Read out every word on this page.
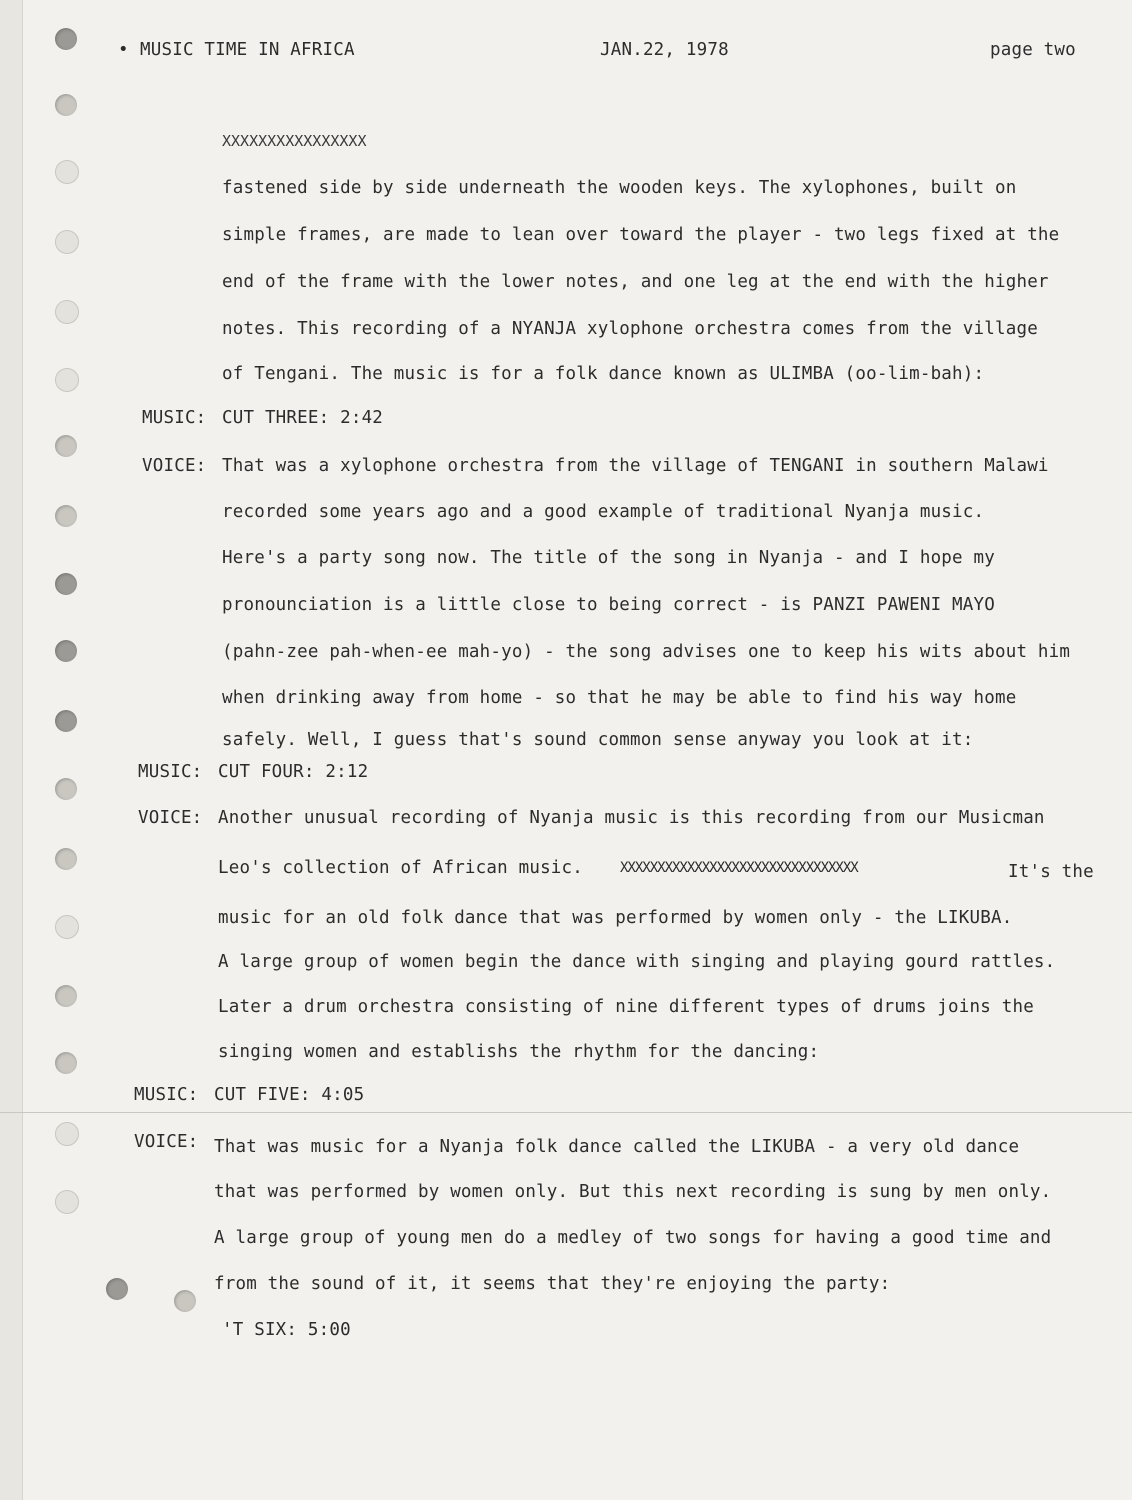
• MUSIC TIME IN AFRICA	JAN.22, 1978	page two
XXXXXXXXXXXXXXXX
fastened side by side underneath the wooden keys. The xylophones, built on
simple frames, are made to lean over toward the player - two legs fixed at the
end of the frame with the lower notes, and one leg at the end with the higher
notes. This recording of a NYANJA xylophone orchestra comes from the village
of Tengani. The music is for a folk dance known as ULIMBA (oo-lim-bah):
MUSIC: CUT THREE: 2:42
VOICE: That was a xylophone orchestra from the village of TENGANI in southern Malawi
recorded some years ago and a good example of traditional Nyanja music.
Here's a party song now. The title of the song in Nyanja - and I hope my
pronounciation is a little close to being correct - is PANZI PAWENI MAYO
(pahn-zee pah-when-ee mah-yo) - the song advises one to keep his wits about him
when drinking away from home - so that he may be able to find his way home
safely. Well, I guess that's sound common sense anyway you look at it:
MUSIC: CUT FOUR: 2:12
VOICE: Another unusual recording of Nyanja music is this recording from our Musicman
Leo's collection of African music.	XXXXXXXXXXXXXXXXXXXXXXXXXXXXXXXX	It's the
music for an old folk dance that was performed by women only - the LIKUBA.
A large group of women begin the dance with singing and playing gourd rattles.
Later a drum orchestra consisting of nine different types of drums joins the
singing women and establishs the rhythm for the dancing:
MUSIC: CUT FIVE: 4:05
VOICE: That was music for a Nyanja folk dance called the LIKUBA - a very old dance
that was performed by women only. But this next recording is sung by men only.
A large group of young men do a medley of two songs for having a good time and
from the sound of it, it seems that they're enjoying the party:
'T SIX: 5:00
